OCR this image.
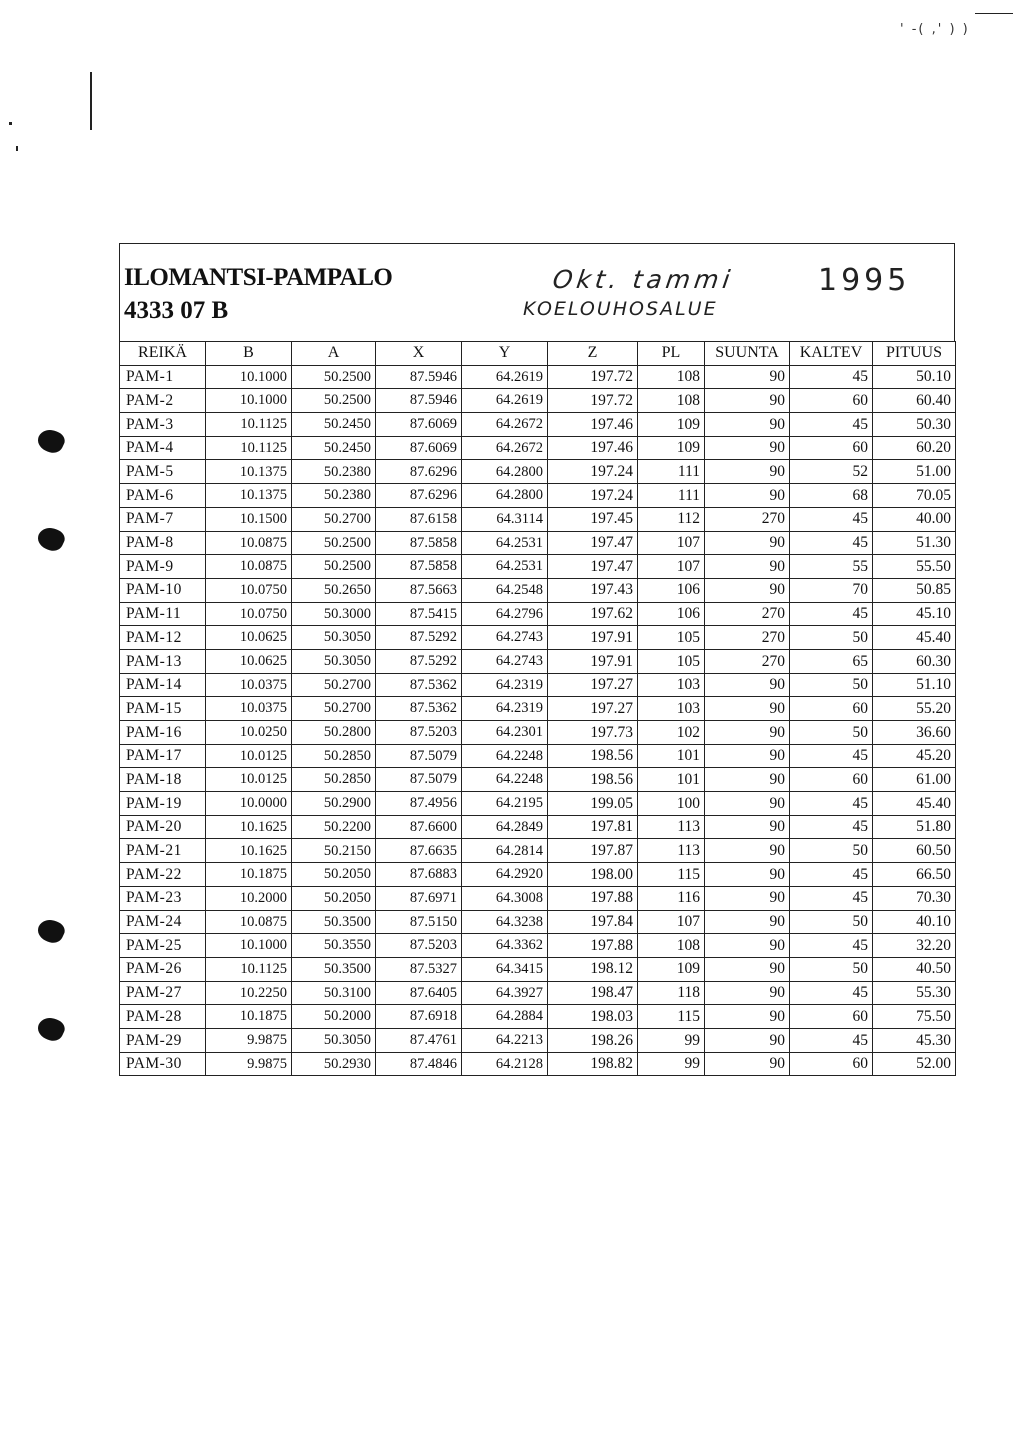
' -( ,' ) )
ILOMANTSI-PAMPALO
4333 07 B
Okt. tammi	1995
KOELOUHOSALUE
REIKÄ	B	A	X	Y	Z	PL	SUUNTA	KALTEV	PITUUS
PAM-1	10.1000	50.2500	87.5946	64.2619	197.72	108	90	45	50.10
PAM-2	10.1000	50.2500	87.5946	64.2619	197.72	108	90	60	60.40
PAM-3	10.1125	50.2450	87.6069	64.2672	197.46	109	90	45	50.30
PAM-4	10.1125	50.2450	87.6069	64.2672	197.46	109	90	60	60.20
PAM-5	10.1375	50.2380	87.6296	64.2800	197.24	111	90	52	51.00
PAM-6	10.1375	50.2380	87.6296	64.2800	197.24	111	90	68	70.05
PAM-7	10.1500	50.2700	87.6158	64.3114	197.45	112	270	45	40.00
PAM-8	10.0875	50.2500	87.5858	64.2531	197.47	107	90	45	51.30
PAM-9	10.0875	50.2500	87.5858	64.2531	197.47	107	90	55	55.50
PAM-10	10.0750	50.2650	87.5663	64.2548	197.43	106	90	70	50.85
PAM-11	10.0750	50.3000	87.5415	64.2796	197.62	106	270	45	45.10
PAM-12	10.0625	50.3050	87.5292	64.2743	197.91	105	270	50	45.40
PAM-13	10.0625	50.3050	87.5292	64.2743	197.91	105	270	65	60.30
PAM-14	10.0375	50.2700	87.5362	64.2319	197.27	103	90	50	51.10
PAM-15	10.0375	50.2700	87.5362	64.2319	197.27	103	90	60	55.20
PAM-16	10.0250	50.2800	87.5203	64.2301	197.73	102	90	50	36.60
PAM-17	10.0125	50.2850	87.5079	64.2248	198.56	101	90	45	45.20
PAM-18	10.0125	50.2850	87.5079	64.2248	198.56	101	90	60	61.00
PAM-19	10.0000	50.2900	87.4956	64.2195	199.05	100	90	45	45.40
PAM-20	10.1625	50.2200	87.6600	64.2849	197.81	113	90	45	51.80
PAM-21	10.1625	50.2150	87.6635	64.2814	197.87	113	90	50	60.50
PAM-22	10.1875	50.2050	87.6883	64.2920	198.00	115	90	45	66.50
PAM-23	10.2000	50.2050	87.6971	64.3008	197.88	116	90	45	70.30
PAM-24	10.0875	50.3500	87.5150	64.3238	197.84	107	90	50	40.10
PAM-25	10.1000	50.3550	87.5203	64.3362	197.88	108	90	45	32.20
PAM-26	10.1125	50.3500	87.5327	64.3415	198.12	109	90	50	40.50
PAM-27	10.2250	50.3100	87.6405	64.3927	198.47	118	90	45	55.30
PAM-28	10.1875	50.2000	87.6918	64.2884	198.03	115	90	60	75.50
PAM-29	9.9875	50.3050	87.4761	64.2213	198.26	99	90	45	45.30
PAM-30	9.9875	50.2930	87.4846	64.2128	198.82	99	90	60	52.00
